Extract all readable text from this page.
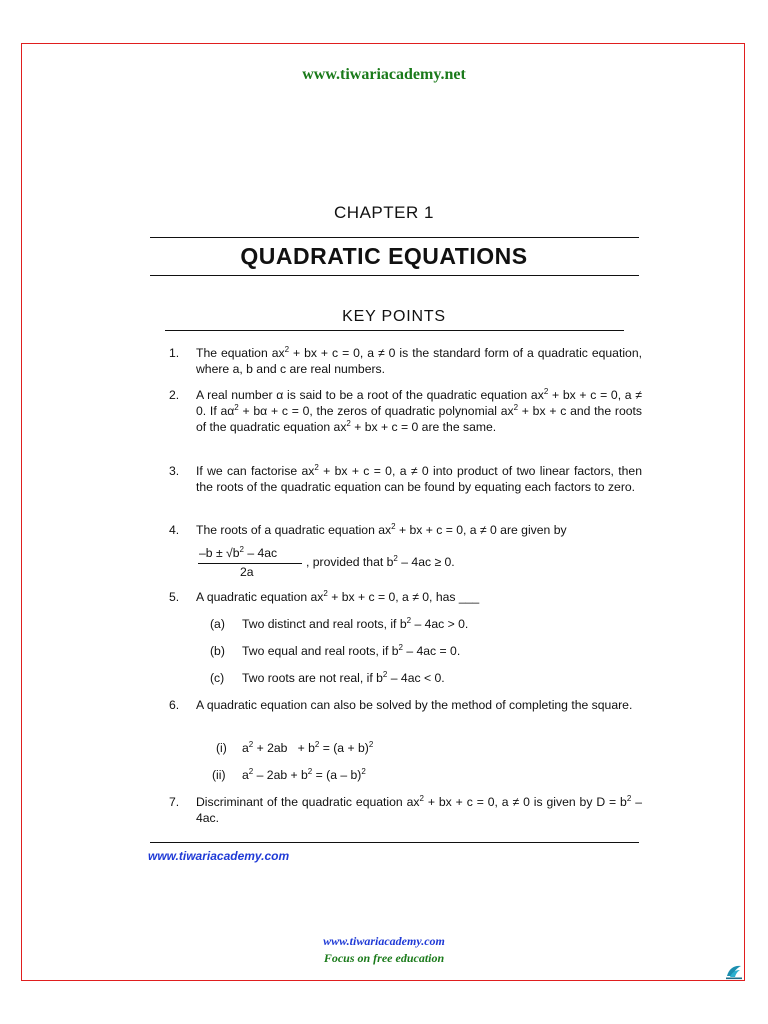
www.tiwariacademy.net
CHAPTER 1
QUADRATIC EQUATIONS
KEY POINTS
1. The equation $ax^2$ + bx + c = 0, a ≠ 0 is the standard form of a quadratic equation, where a, b and c are real numbers.
2. A real number α is said to be a root of the quadratic equation $ax^2$ + bx + c = 0, a ≠ 0. If $a\alpha^2 + b\alpha + c = 0$, the zeros of quadratic polynomial $ax^2$ + bx + c and the roots of the quadratic equation $ax^2$ + bx + c = 0 are the same.
3. If we can factorise $ax^2$ + bx + c = 0, a ≠ 0 into product of two linear factors, then the roots of the quadratic equation can be found by equating each factors to zero.
4. The roots of a quadratic equation $ax^2$ + bx + c = 0, a ≠ 0 are given by
$-b \pm √b^2 - 4ac$
2a
, provided that $b^2 - 4ac \ge 0$.
5. A quadratic equation $ax^2$ + bx + c = 0, a ≠ 0, has ___
(a) Two distinct and real roots, if $b^2 - 4ac > 0$.
(b) Two equal and real roots, if $b^2 - 4ac = 0$.
(c) Two roots are not real, if $b^2 - 4ac < 0$.
6. A quadratic equation can also be solved by the method of completing the square.
(i) $a^2 + 2ab + b^2 = (a + b)^2$
(ii) $a^2 - 2ab + b^2 = (a - b)^2$
7. Discriminant of the quadratic equation $ax^2$ + bx + c = 0, a ≠ 0 is given by $D = b^2 - 4ac$.
www.tiwariacademy.com
www.tiwariacademy.com
Focus on free education
